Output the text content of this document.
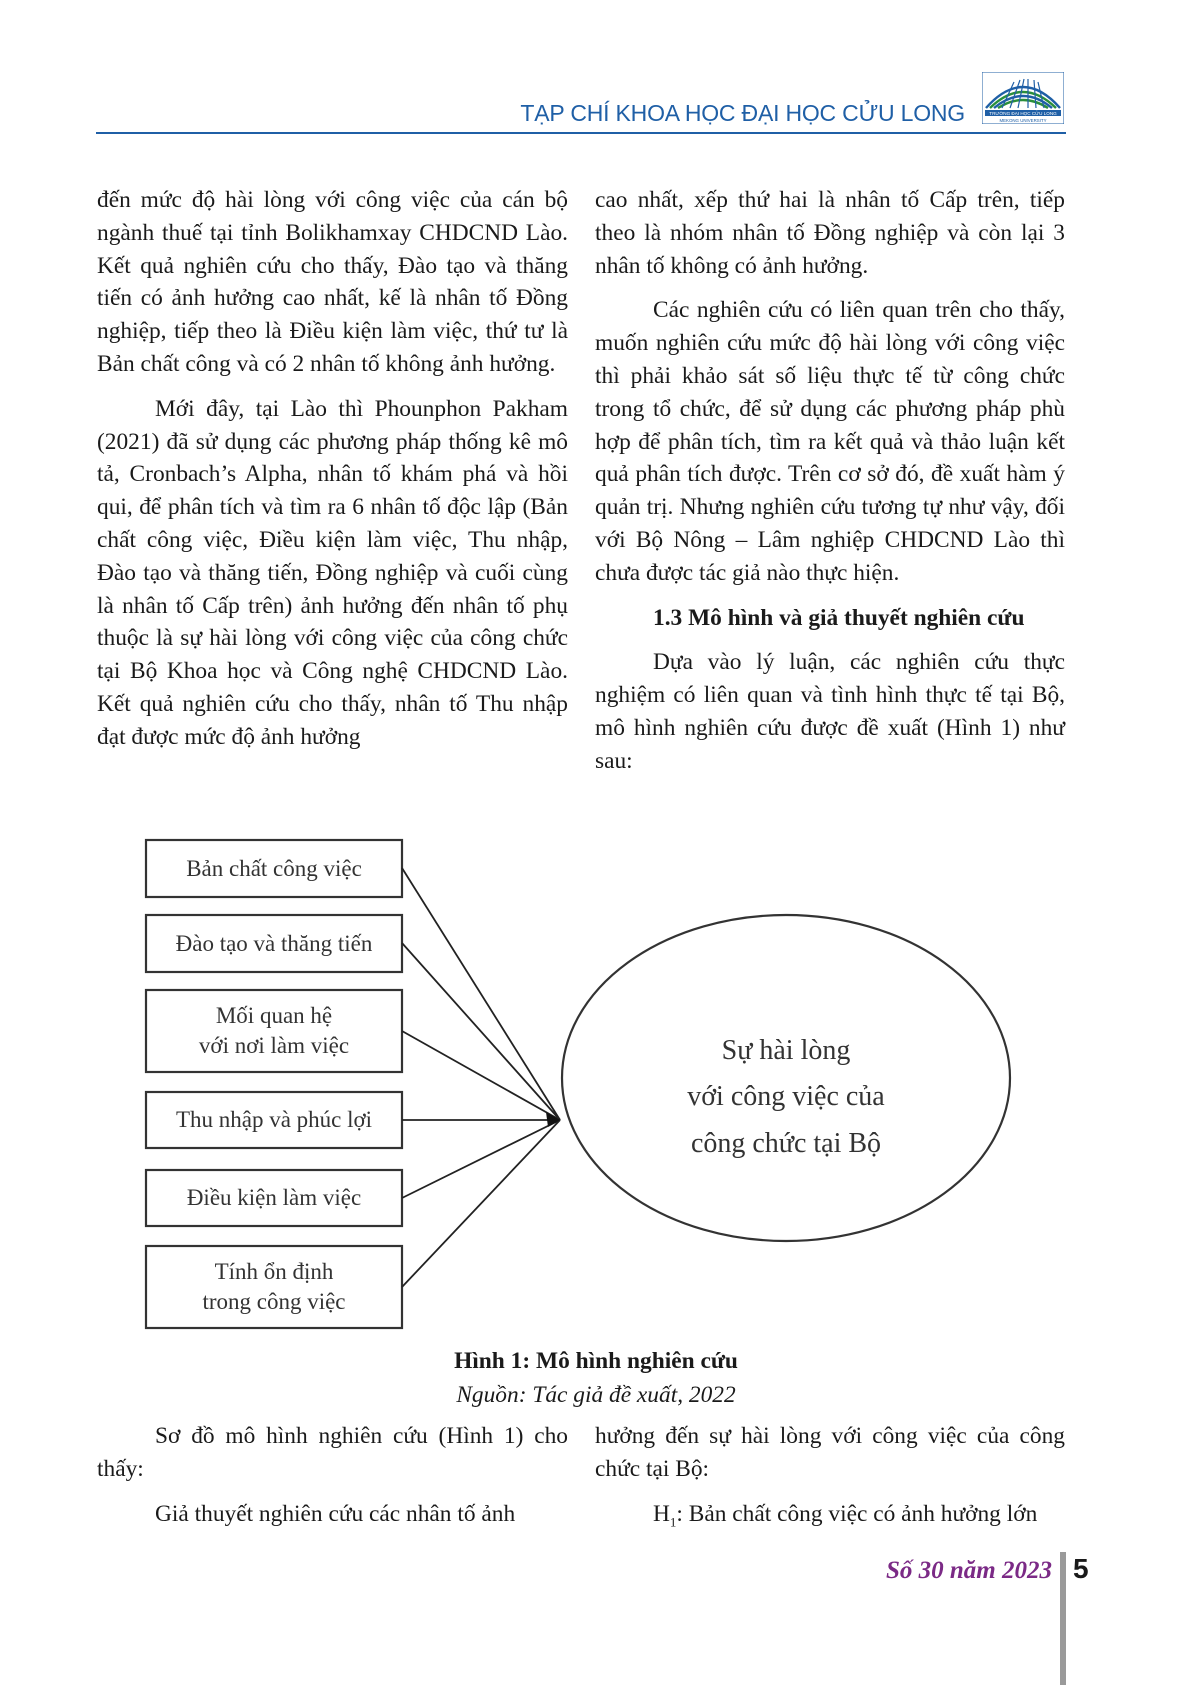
TẠP CHÍ KHOA HỌC ĐẠI HỌC CỬU LONG	TRƯỜNG ĐẠI HỌC CỬU LONG
MEKONG UNIVERSITY

đến mức độ hài lòng với công việc của cán bộ ngành thuế tại tỉnh Bolikhamxay CHDCND Lào. Kết quả nghiên cứu cho thấy, Đào tạo và thăng tiến có ảnh hưởng cao nhất, kế là nhân tố Đồng nghiệp, tiếp theo là Điều kiện làm việc, thứ tư là Bản chất công và có 2 nhân tố không ảnh hưởng.

Mới đây, tại Lào thì Phounphon Pakham (2021) đã sử dụng các phương pháp thống kê mô tả, Cronbach’s Alpha, nhân tố khám phá và hồi qui, để phân tích và tìm ra 6 nhân tố độc lập (Bản chất công việc, Điều kiện làm việc, Thu nhập, Đào tạo và thăng tiến, Đồng nghiệp và cuối cùng là nhân tố Cấp trên) ảnh hưởng đến nhân tố phụ thuộc là sự hài lòng với công việc của công chức tại Bộ Khoa học và Công nghệ CHDCND Lào. Kết quả nghiên cứu cho thấy, nhân tố Thu nhập đạt được mức độ ảnh hưởng

cao nhất, xếp thứ hai là nhân tố Cấp trên, tiếp theo là nhóm nhân tố Đồng nghiệp và còn lại 3 nhân tố không có ảnh hưởng.

Các nghiên cứu có liên quan trên cho thấy, muốn nghiên cứu mức độ hài lòng với công việc thì phải khảo sát số liệu thực tế từ công chức trong tổ chức, để sử dụng các phương pháp phù hợp để phân tích, tìm ra kết quả và thảo luận kết quả phân tích được. Trên cơ sở đó, đề xuất hàm ý quản trị. Nhưng nghiên cứu tương tự như vậy, đối với Bộ Nông – Lâm nghiệp CHDCND Lào thì chưa được tác giả nào thực hiện.

1.3 Mô hình và giả thuyết nghiên cứu

Dựa vào lý luận, các nghiên cứu thực nghiệm có liên quan và tình hình thực tế tại Bộ, mô hình nghiên cứu được đề xuất (Hình 1) như sau:

Bản chất công việc
Đào tạo và thăng tiến
Mối quan hệ
với nơi làm việc
Thu nhập và phúc lợi
Điều kiện làm việc
Tính ổn định
trong công việc
Sự hài lòng
với công việc của
công chức tại Bộ
Hình 1: Mô hình nghiên cứu
Nguồn: Tác giả đề xuất, 2022

Sơ đồ mô hình nghiên cứu (Hình 1) cho thấy:

Giả thuyết nghiên cứu các nhân tố ảnh

hưởng đến sự hài lòng với công việc của công chức tại Bộ:

$H_1$: Bản chất công việc có ảnh hưởng lớn

Số 30 năm 2023 5
